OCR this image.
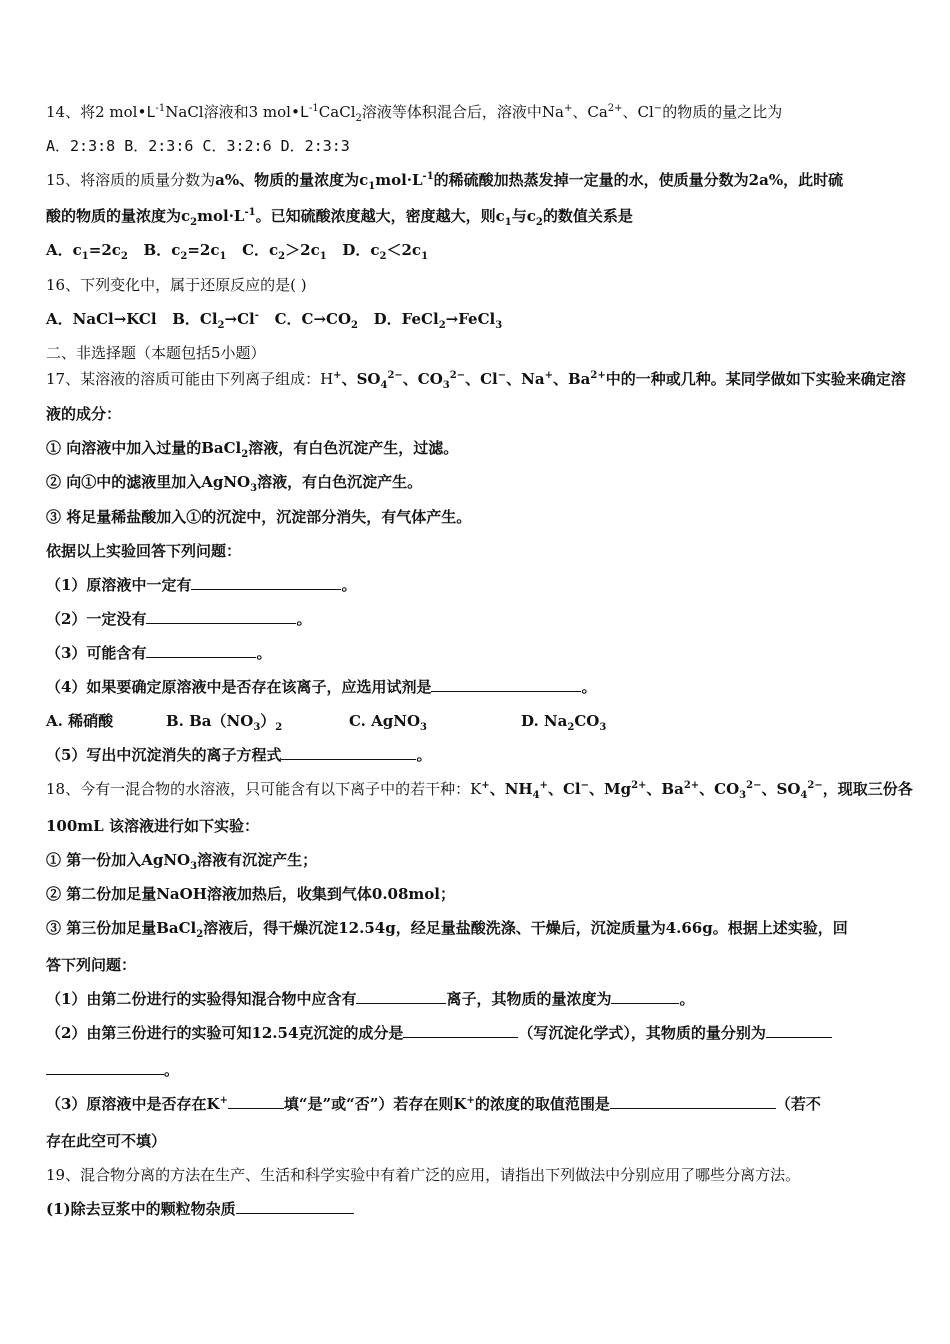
14、将2 $mol•L^{-1}NaCl$溶液和3 $mol•L^{-1}CaCl_2$溶液等体积混合后，溶液中Na+、$Ca^{2+}$、Cl−的物质的量之比为
A．2:3:8 B．2:3:6 C．3:2:6 D．2:3:3
15、将溶质的质量分数为a%、物质的量浓度为$c_1mol\cdot L^{-1}$的稀硫酸加热蒸发掉一定量的水，使质量分数为2a%，此时硫
酸的物质的量浓度为$c_2mol\cdot L^{-1}$。已知硫酸浓度越大，密度越大，则$c_1$与$c_2$的数值关系是
A．$c_1=2c_2$ B．$c_2=2c_1$ C．$c_2>2c_1$ D．$c_2<2c_1$
16、下列变化中，属于还原反应的是( )
A．NaCl→KCl B．$Cl_2\to Cl^-$ C．$C\to CO_2$ D．FeCl$_2$→FeCl$_3$
二、非选择题（本题包括5小题）
17、某溶液的溶质可能由下列离子组成：H+、$SO_4^{2-}$、$CO_3^{2-}$、Cl−、Na+、$Ba^{2+}$中的一种或几种。某同学做如下实验来确定溶
液的成分：
① 向溶液中加入过量的BaCl$_2$溶液，有白色沉淀产生，过滤。
② 向①中的滤液里加入AgNO$_3$溶液，有白色沉淀产生。
③ 将足量稀盐酸加入①的沉淀中，沉淀部分消失，有气体产生。
依据以上实验回答下列问题：
（1）原溶液中一定有	。
（2）一定没有	。
（3）可能含有	。
（4）如果要确定原溶液中是否存在该离子，应选用试剂是	。
A. 稀硝酸	B. $Ba(NO_3)_2$	C. AgNO$_3$	D. $Na_2CO_3$
（5）写出中沉淀消失的离子方程式	。
18、今有一混合物的水溶液，只可能含有以下离子中的若干种：K+、$NH_4^+$、Cl−、$Mg^{2+}$、$Ba^{2+}$、$CO_3^{2-}$、$SO_4^{2-}$，现取三份各
100mL 该溶液进行如下实验：
① 第一份加入AgNO$_3$溶液有沉淀产生；
② 第二份加足量NaOH溶液加热后，收集到气体0.08mol；
③ 第三份加足量BaCl$_2$溶液后，得干燥沉淀12.54g，经足量盐酸洗涤、干燥后，沉淀质量为4.66g。根据上述实验，回
答下列问题：
（1）由第二份进行的实验得知混合物中应含有	离子，其物质的量浓度为	。
（2）由第三份进行的实验可知12.54克沉淀的成分是	（写沉淀化学式），其物质的量分别为
。
（3）原溶液中是否存在K+	填“是”或“否”）若存在则K+的浓度的取值范围是	（若不
存在此空可不填）
19、混合物分离的方法在生产、生活和科学实验中有着广泛的应用，请指出下列做法中分别应用了哪些分离方法。
(1)除去豆浆中的颗粒物杂质
